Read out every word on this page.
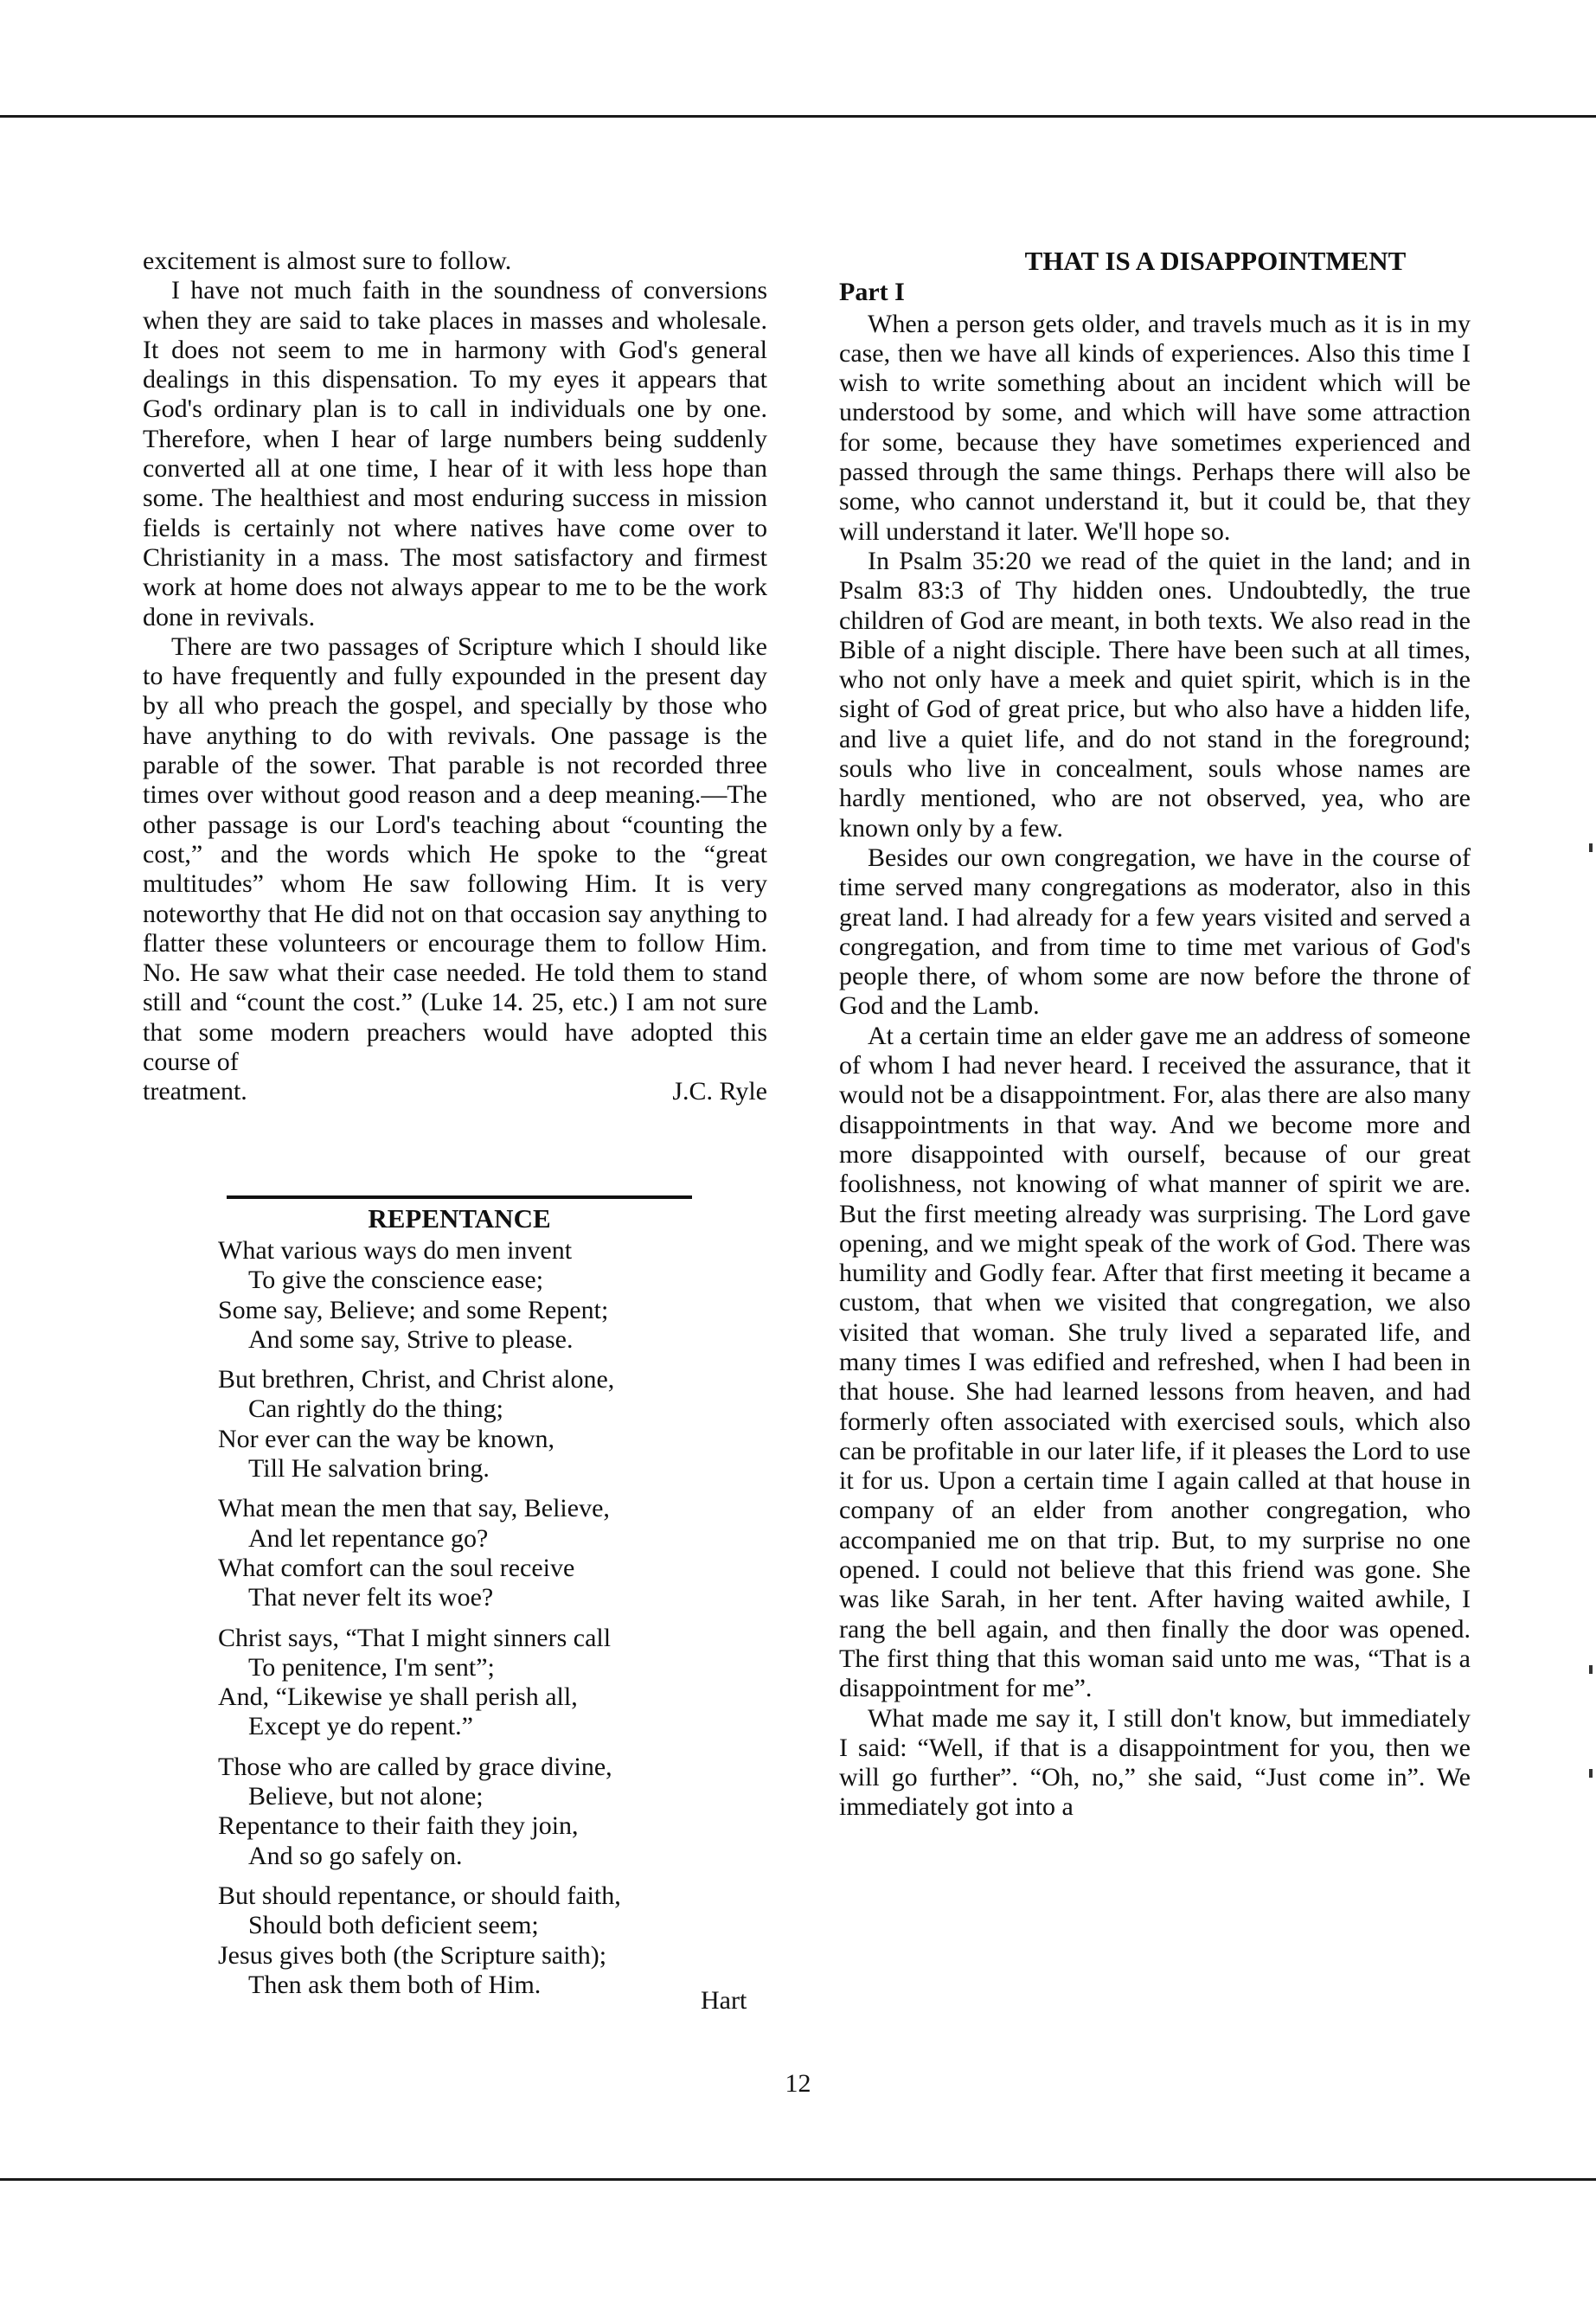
excitement is almost sure to follow.

I have not much faith in the soundness of conversions when they are said to take places in masses and wholesale. It does not seem to me in harmony with God's general dealings in this dispensation. To my eyes it appears that God's ordinary plan is to call in individuals one by one. Therefore, when I hear of large numbers being suddenly converted all at one time, I hear of it with less hope than some. The healthiest and most enduring success in mission fields is certainly not where natives have come over to Christianity in a mass. The most satisfactory and firmest work at home does not always appear to me to be the work done in revivals.

There are two passages of Scripture which I should like to have frequently and fully expounded in the present day by all who preach the gospel, and specially by those who have anything to do with revivals. One passage is the parable of the sower. That parable is not recorded three times over without good reason and a deep meaning.—The other passage is our Lord's teaching about “counting the cost,” and the words which He spoke to the “great multitudes” whom He saw following Him. It is very noteworthy that He did not on that occasion say anything to flatter these volunteers or encourage them to follow Him. No. He saw what their case needed. He told them to stand still and “count the cost.” (Luke 14. 25, etc.) I am not sure that some modern preachers would have adopted this course of

treatment.	J.C. Ryle
REPENTANCE
What various ways do men invent
To give the conscience ease;
Some say, Believe; and some Repent;
And some say, Strive to please.
But brethren, Christ, and Christ alone,
Can rightly do the thing;
Nor ever can the way be known,
Till He salvation bring.
What mean the men that say, Believe,
And let repentance go?
What comfort can the soul receive
That never felt its woe?
Christ says, “That I might sinners call
To penitence, I'm sent”;
And, “Likewise ye shall perish all,
Except ye do repent.”
Those who are called by grace divine,
Believe, but not alone;
Repentance to their faith they join,
And so go safely on.
But should repentance, or should faith,
Should both deficient seem;
Jesus gives both (the Scripture saith);
Then ask them both of Him.
Hart
THAT IS A DISAPPOINTMENT
Part I

When a person gets older, and travels much as it is in my case, then we have all kinds of experiences. Also this time I wish to write something about an incident which will be understood by some, and which will have some attraction for some, because they have sometimes experienced and passed through the same things. Perhaps there will also be some, who cannot understand it, but it could be, that they will understand it later. We'll hope so.

In Psalm 35:20 we read of the quiet in the land; and in Psalm 83:3 of Thy hidden ones. Undoubtedly, the true children of God are meant, in both texts. We also read in the Bible of a night disciple. There have been such at all times, who not only have a meek and quiet spirit, which is in the sight of God of great price, but who also have a hidden life, and live a quiet life, and do not stand in the foreground; souls who live in concealment, souls whose names are hardly mentioned, who are not observed, yea, who are known only by a few.

Besides our own congregation, we have in the course of time served many congregations as moderator, also in this great land. I had already for a few years visited and served a congregation, and from time to time met various of God's people there, of whom some are now before the throne of God and the Lamb.

At a certain time an elder gave me an address of someone of whom I had never heard. I received the assurance, that it would not be a disappointment. For, alas there are also many disappointments in that way. And we become more and more disappointed with ourself, because of our great foolishness, not knowing of what manner of spirit we are. But the first meeting already was surprising. The Lord gave opening, and we might speak of the work of God. There was humility and Godly fear. After that first meeting it became a custom, that when we visited that congregation, we also visited that woman. She truly lived a separated life, and many times I was edified and refreshed, when I had been in that house. She had learned lessons from heaven, and had formerly often associated with exercised souls, which also can be profitable in our later life, if it pleases the Lord to use it for us. Upon a certain time I again called at that house in company of an elder from another congregation, who accompanied me on that trip. But, to my surprise no one opened. I could not believe that this friend was gone. She was like Sarah, in her tent. After having waited awhile, I rang the bell again, and then finally the door was opened. The first thing that this woman said unto me was, “That is a disappointment for me”.

What made me say it, I still don't know, but immediately I said: “Well, if that is a disappointment for you, then we will go further”. “Oh, no,” she said, “Just come in”. We immediately got into a

12
